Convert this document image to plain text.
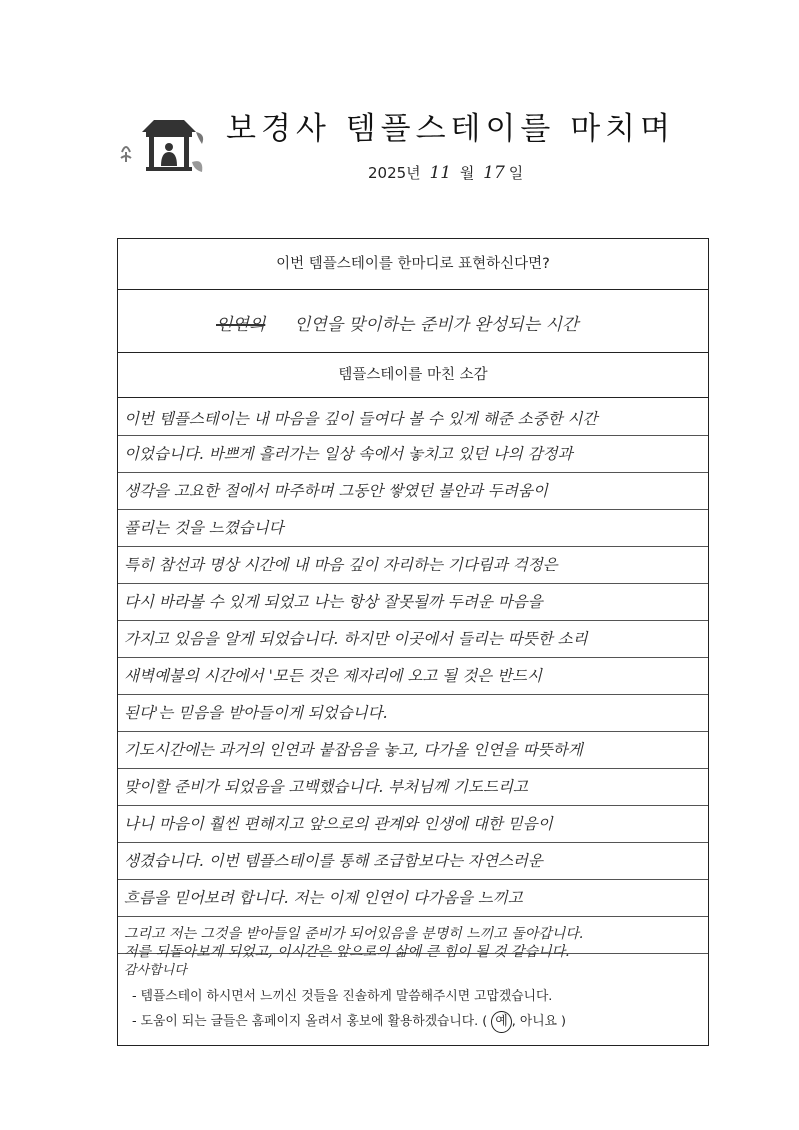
보경사 템플스테이를 마치며
2025년 11 월 17 일
이번 템플스테이를 한마디로 표현하신다면?
인연의 인연을 맞이하는 준비가 완성되는 시간
템플스테이를 마친 소감
이번 템플스테이는 내 마음을 깊이 들여다 볼 수 있게 해준 소중한 시간
이었습니다. 바쁘게 흘러가는 일상 속에서 놓치고 있던 나의 감정과
생각을 고요한 절에서 마주하며 그동안 쌓였던 불안과 두려움이
풀리는 것을 느꼈습니다
특히 참선과 명상 시간에 내 마음 깊이 자리하는 기다림과 걱정은
다시 바라볼 수 있게 되었고 나는 항상 잘못될까 두려운 마음을
가지고 있음을 알게 되었습니다. 하지만 이곳에서 들리는 따뜻한 소리
새벽예불의 시간에서 '모든 것은 제자리에 오고 될 것은 반드시
된다'는 믿음을 받아들이게 되었습니다.
기도시간에는 과거의 인연과 붙잡음을 놓고, 다가올 인연을 따뜻하게
맞이할 준비가 되었음을 고백했습니다. 부처님께 기도드리고
나니 마음이 훨씬 편해지고 앞으로의 관계와 인생에 대한 믿음이
생겼습니다. 이번 템플스테이를 통해 조급함보다는 자연스러운
흐름을 믿어보려 합니다. 저는 이제 인연이 다가옴을 느끼고
그리고 저는 그것을 받아들일 준비가 되어있음을 분명히 느끼고 돌아갑니다.
저를 되돌아보게 되었고, 이시간은 앞으로의 삶에 큰 힘이 될 것 같습니다.
감사합니다
- 템플스테이 하시면서 느끼신 것들을 진솔하게 말씀해주시면 고맙겠습니다.
- 도움이 되는 글들은 홈페이지 올려서 홍보에 활용하겠습니다. ( 예 , 아니요 )
